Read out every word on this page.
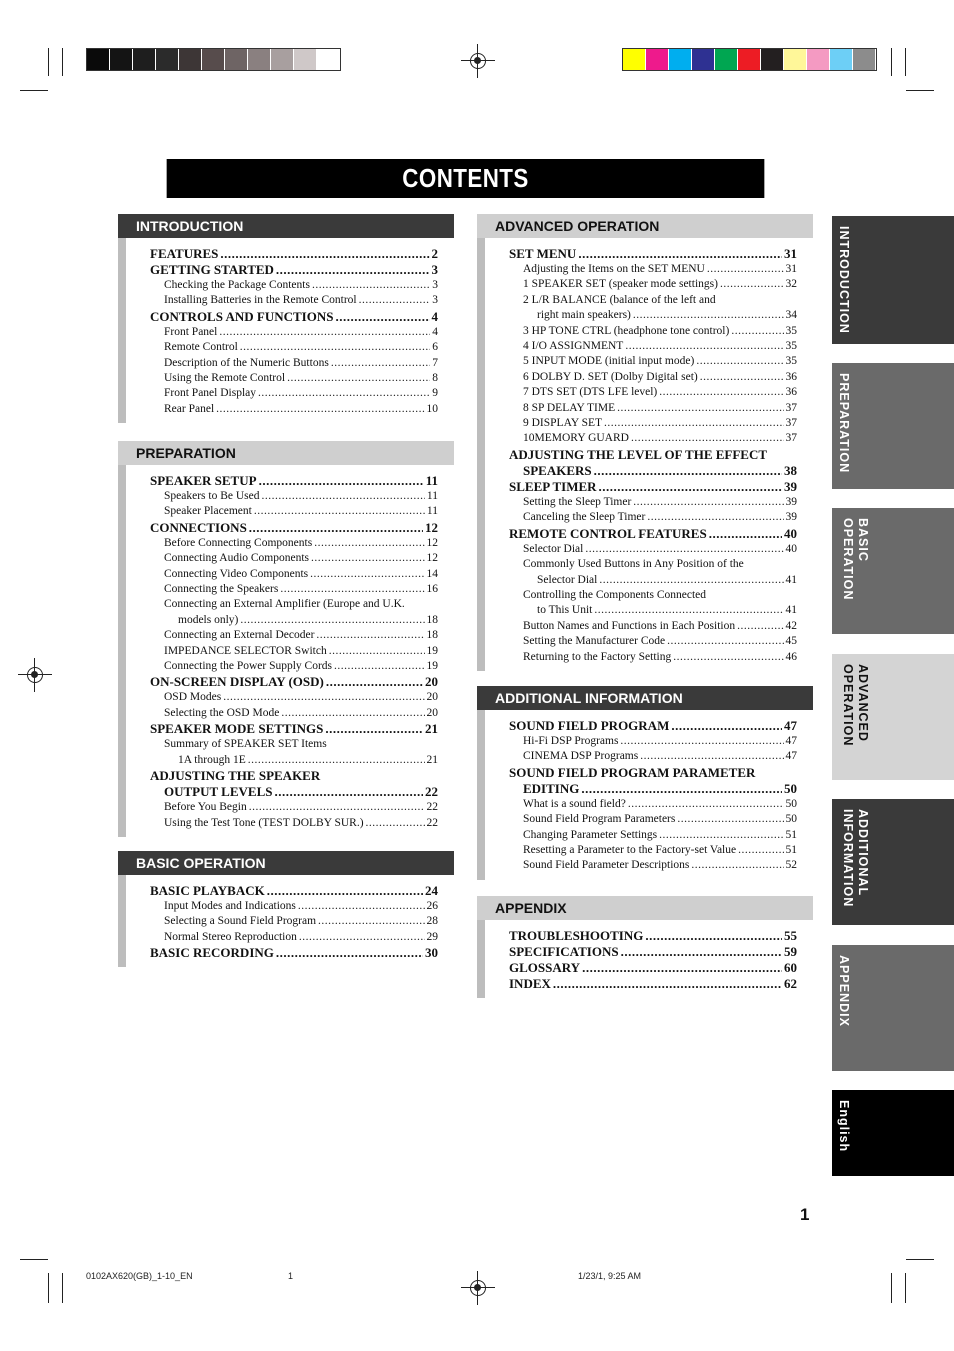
CONTENTS
INTRODUCTION
FEATURES .....	2
GETTING STARTED .....	3
Checking the Package Contents .....	3
Installing Batteries in the Remote Control .....	3
CONTROLS AND FUNCTIONS .....	4
Front Panel .....	4
Remote Control .....	6
Description of the Numeric Buttons .....	7
Using the Remote Control .....	8
Front Panel Display .....	9
Rear Panel .....	10
PREPARATION
SPEAKER SETUP .....	11
Speakers to Be Used .....	11
Speaker Placement .....	11
CONNECTIONS .....	12
Before Connecting Components .....	12
Connecting Audio Components .....	12
Connecting Video Components .....	14
Connecting the Speakers .....	16
Connecting an External Amplifier (Europe and U.K.
models only) .....	18
Connecting an External Decoder .....	18
IMPEDANCE SELECTOR Switch .....	19
Connecting the Power Supply Cords .....	19
ON-SCREEN DISPLAY (OSD) .....	20
OSD Modes .....	20
Selecting the OSD Mode .....	20
SPEAKER MODE SETTINGS .....	21
Summary of SPEAKER SET Items
1A through 1E .....	21
ADJUSTING THE SPEAKER
OUTPUT LEVELS .....	22
Before You Begin .....	22
Using the Test Tone (TEST DOLBY SUR.) .....	22
BASIC OPERATION
BASIC PLAYBACK .....	24
Input Modes and Indications .....	26
Selecting a Sound Field Program .....	28
Normal Stereo Reproduction .....	29
BASIC RECORDING .....	30
ADVANCED OPERATION
SET MENU .....	31
Adjusting the Items on the SET MENU .....	31
1 SPEAKER SET (speaker mode settings) .....	32
2 L/R BALANCE (balance of the left and
right main speakers) .....	34
3 HP TONE CTRL (headphone tone control) .....	35
4 I/O ASSIGNMENT .....	35
5 INPUT MODE (initial input mode) .....	35
6 DOLBY D. SET (Dolby Digital set) .....	36
7 DTS SET (DTS LFE level) .....	36
8 SP DELAY TIME .....	37
9 DISPLAY SET .....	37
10MEMORY GUARD .....	37
ADJUSTING THE LEVEL OF THE EFFECT
SPEAKERS .....	38
SLEEP TIMER .....	39
Setting the Sleep Timer .....	39
Canceling the Sleep Timer .....	39
REMOTE CONTROL FEATURES .....	40
Selector Dial .....	40
Commonly Used Buttons in Any Position of the
Selector Dial .....	41
Controlling the Components Connected
to This Unit .....	41
Button Names and Functions in Each Position .....	42
Setting the Manufacturer Code .....	45
Returning to the Factory Setting .....	46
ADDITIONAL INFORMATION
SOUND FIELD PROGRAM .....	47
Hi-Fi DSP Programs .....	47
CINEMA DSP Programs .....	47
SOUND FIELD PROGRAM PARAMETER
EDITING .....	50
What is a sound field? .....	50
Sound Field Program Parameters .....	50
Changing Parameter Settings .....	51
Resetting a Parameter to the Factory-set Value .....	51
Sound Field Parameter Descriptions .....	52
APPENDIX
TROUBLESHOOTING .....	55
SPECIFICATIONS .....	59
GLOSSARY .....	60
INDEX .....	62
INTRODUCTION
PREPARATION
BASIC OPERATION
ADVANCED OPERATION
ADDITIONAL INFORMATION
APPENDIX
English
1
0102AX620(GB)_1-10_EN	1	1/23/1, 9:25 AM
